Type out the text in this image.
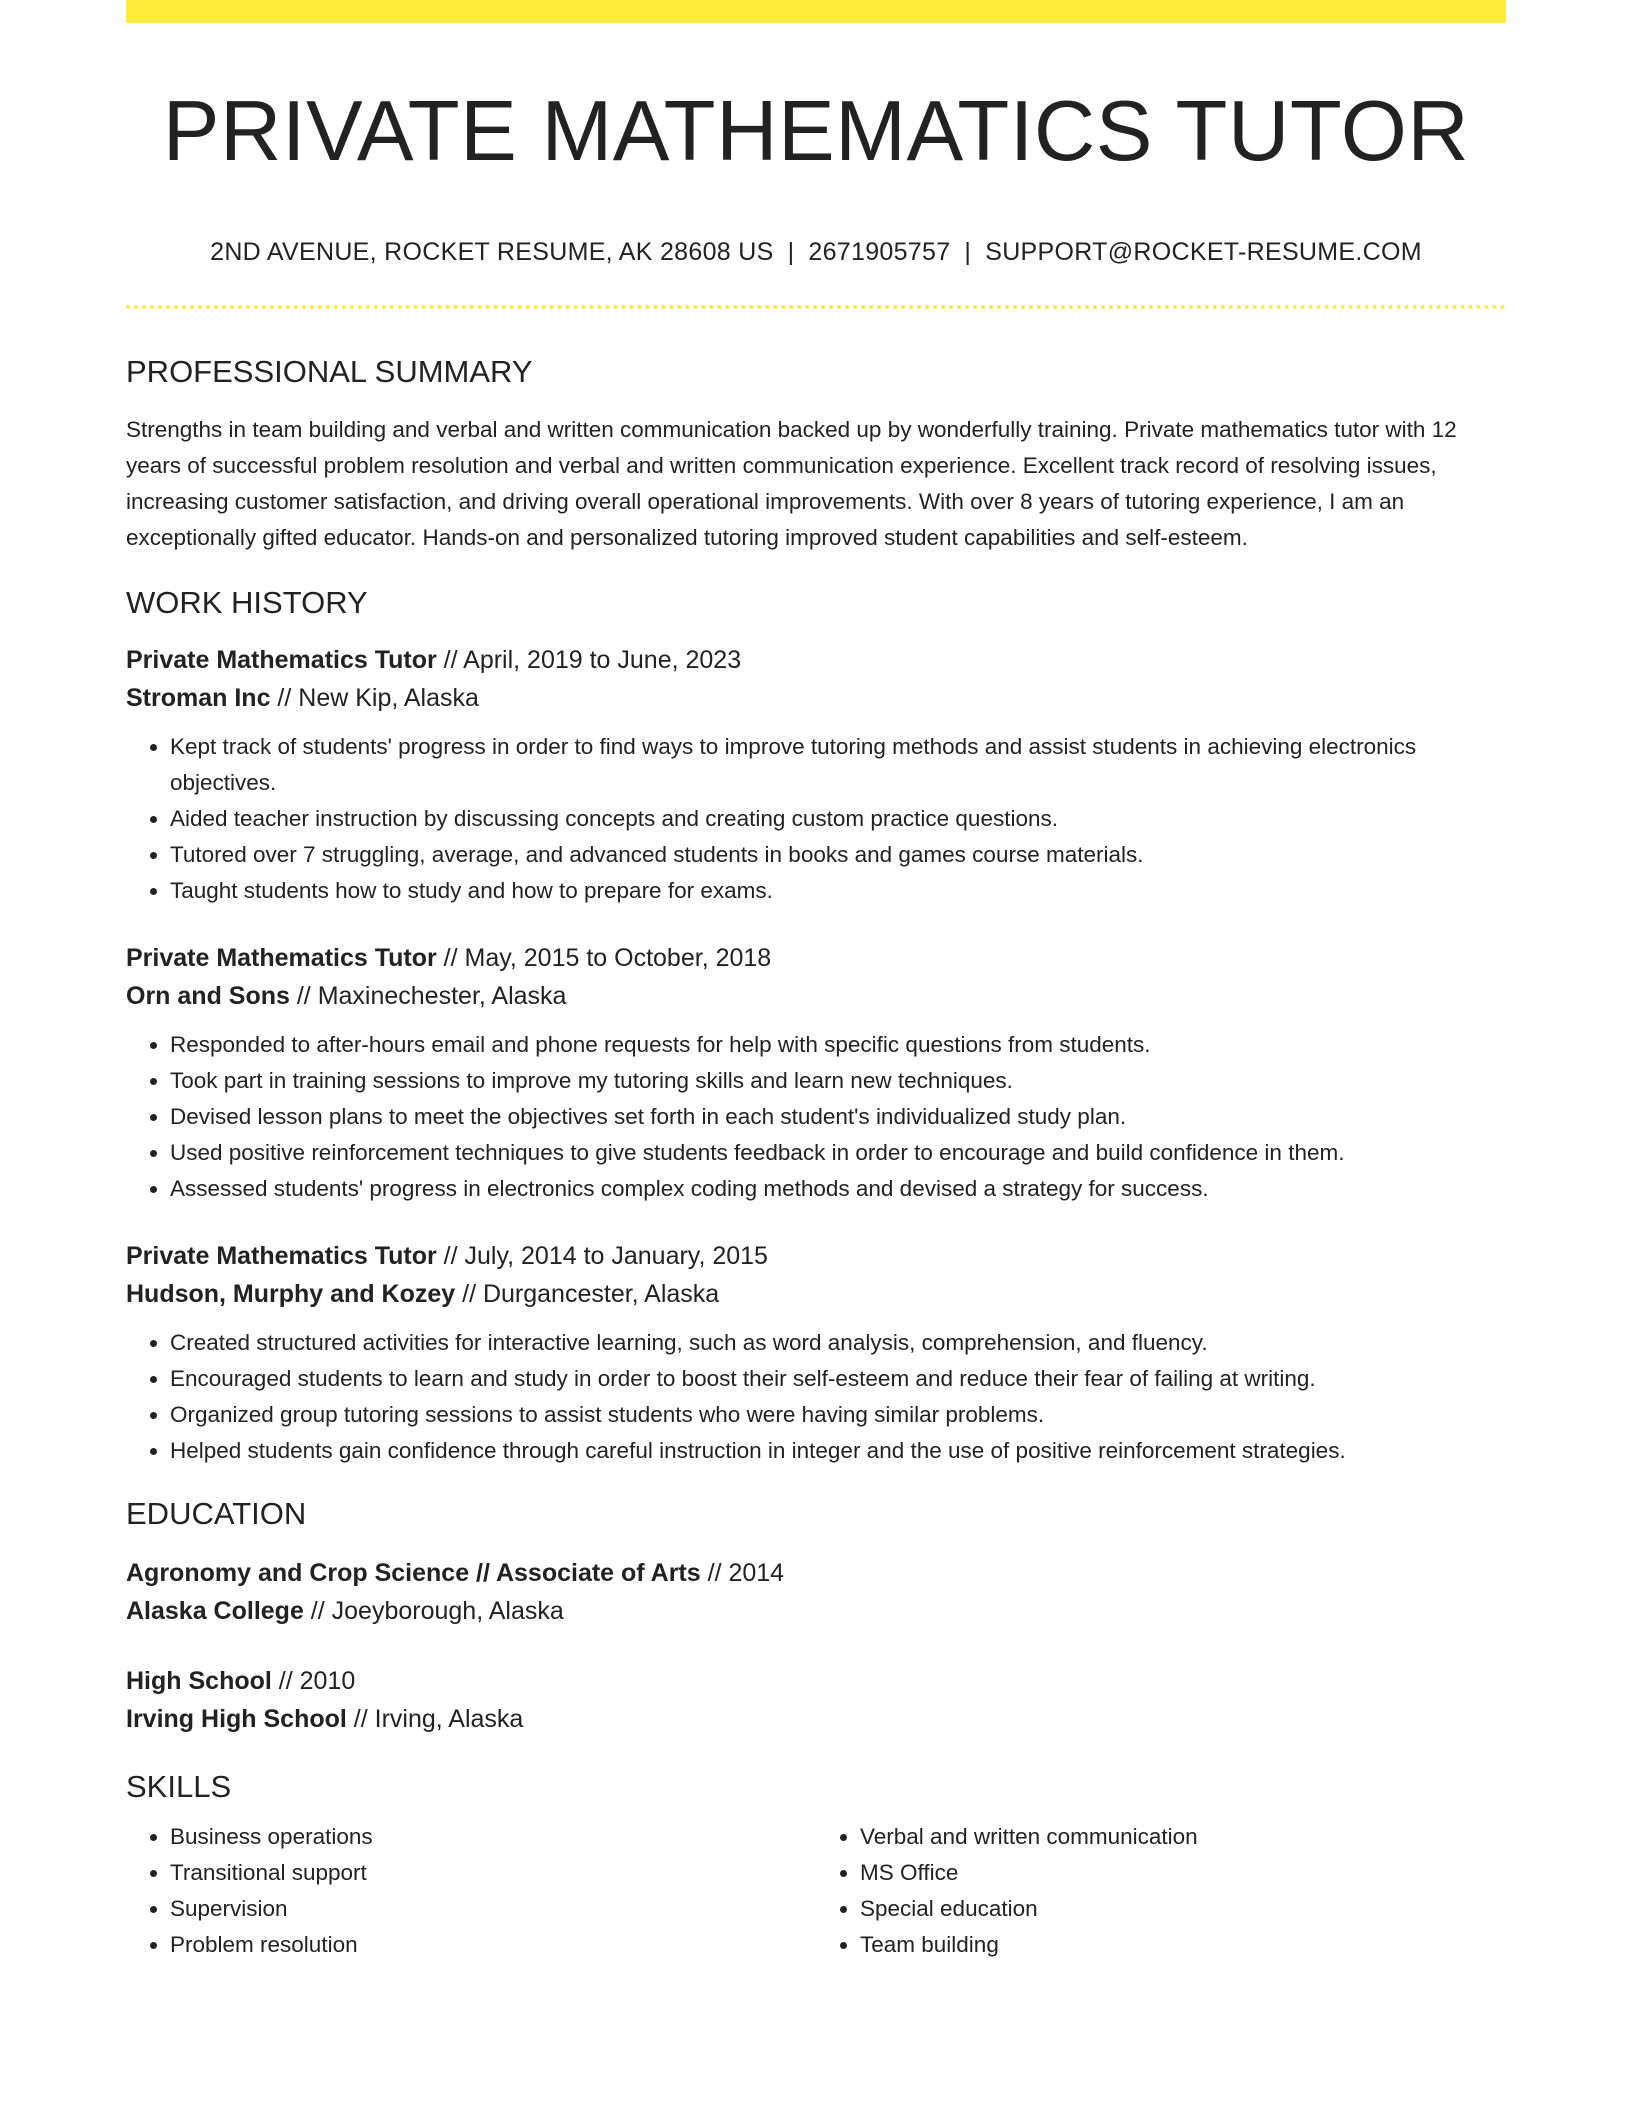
PRIVATE MATHEMATICS TUTOR
2ND AVENUE, ROCKET RESUME, AK 28608 US | 2671905757 | SUPPORT@ROCKET-RESUME.COM
PROFESSIONAL SUMMARY
Strengths in team building and verbal and written communication backed up by wonderfully training. Private mathematics tutor with 12 years of successful problem resolution and verbal and written communication experience. Excellent track record of resolving issues, increasing customer satisfaction, and driving overall operational improvements. With over 8 years of tutoring experience, I am an exceptionally gifted educator. Hands-on and personalized tutoring improved student capabilities and self-esteem.
WORK HISTORY
Private Mathematics Tutor // April, 2019 to June, 2023
Stroman Inc // New Kip, Alaska
• Kept track of students' progress in order to find ways to improve tutoring methods and assist students in achieving electronics objectives.
• Aided teacher instruction by discussing concepts and creating custom practice questions.
• Tutored over 7 struggling, average, and advanced students in books and games course materials.
• Taught students how to study and how to prepare for exams.
Private Mathematics Tutor // May, 2015 to October, 2018
Orn and Sons // Maxinechester, Alaska
• Responded to after-hours email and phone requests for help with specific questions from students.
• Took part in training sessions to improve my tutoring skills and learn new techniques.
• Devised lesson plans to meet the objectives set forth in each student's individualized study plan.
• Used positive reinforcement techniques to give students feedback in order to encourage and build confidence in them.
• Assessed students' progress in electronics complex coding methods and devised a strategy for success.
Private Mathematics Tutor // July, 2014 to January, 2015
Hudson, Murphy and Kozey // Durgancester, Alaska
• Created structured activities for interactive learning, such as word analysis, comprehension, and fluency.
• Encouraged students to learn and study in order to boost their self-esteem and reduce their fear of failing at writing.
• Organized group tutoring sessions to assist students who were having similar problems.
• Helped students gain confidence through careful instruction in integer and the use of positive reinforcement strategies.
EDUCATION
Agronomy and Crop Science // Associate of Arts // 2014
Alaska College // Joeyborough, Alaska
High School // 2010
Irving High School // Irving, Alaska
SKILLS
• Business operations
• Transitional support
• Supervision
• Problem resolution
• Verbal and written communication
• MS Office
• Special education
• Team building
